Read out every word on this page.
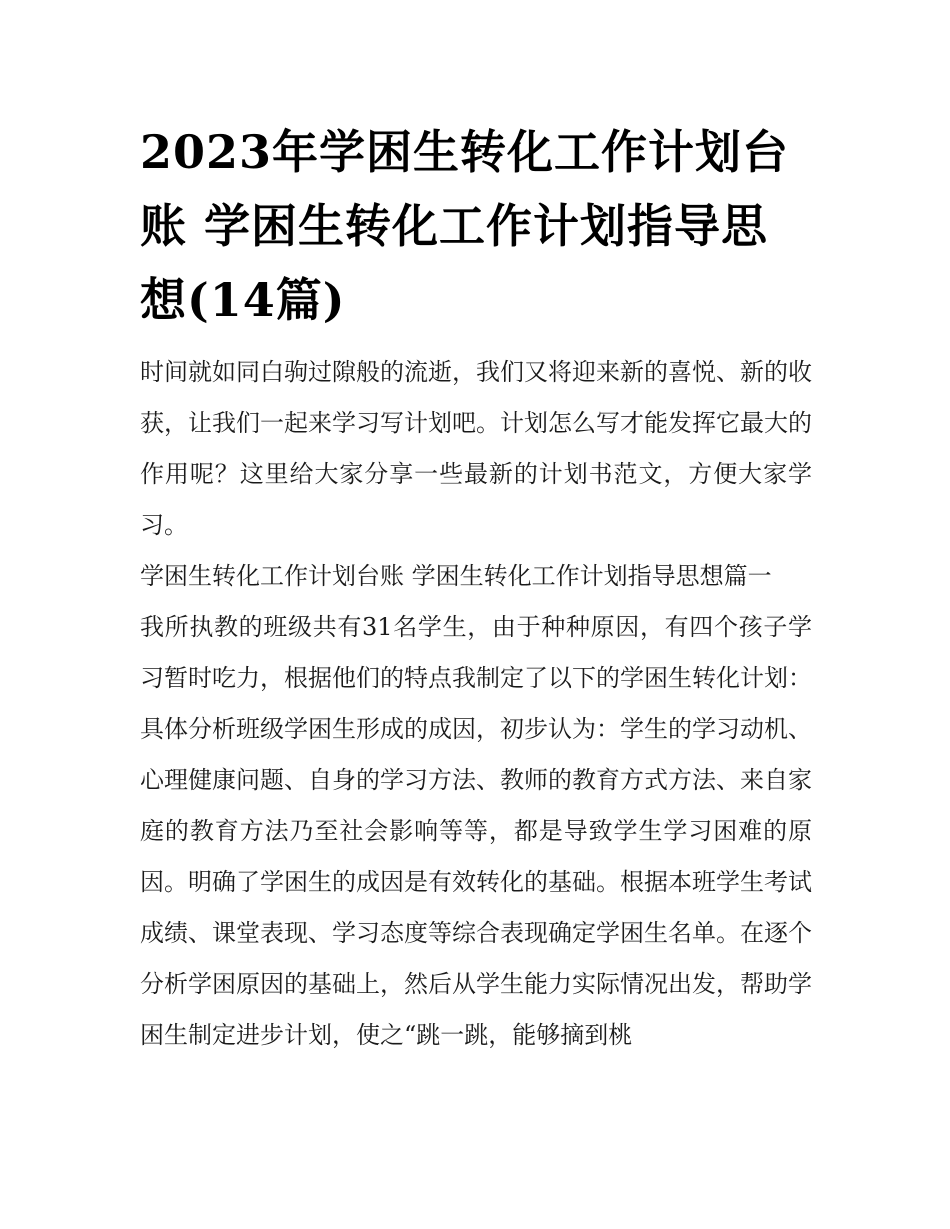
2023年学困生转化工作计划台账 学困生转化工作计划指导思想(14篇)

时间就如同白驹过隙般的流逝，我们又将迎来新的喜悦、新的收获，让我们一起来学习写计划吧。计划怎么写才能发挥它最大的作用呢？这里给大家分享一些最新的计划书范文，方便大家学习。

学困生转化工作计划台账 学困生转化工作计划指导思想篇一

我所执教的班级共有31名学生，由于种种原因，有四个孩子学习暂时吃力，根据他们的特点我制定了以下的学困生转化计划：

具体分析班级学困生形成的成因，初步认为：学生的学习动机、心理健康问题、自身的学习方法、教师的教育方式方法、来自家庭的教育方法乃至社会影响等等，都是导致学生学习困难的原因。明确了学困生的成因是有效转化的基础。根据本班学生考试成绩、课堂表现、学习态度等综合表现确定学困生名单。在逐个分析学困原因的基础上，然后从学生能力实际情况出发，帮助学困生制定进步计划，使之“跳一跳，能够摘到桃
